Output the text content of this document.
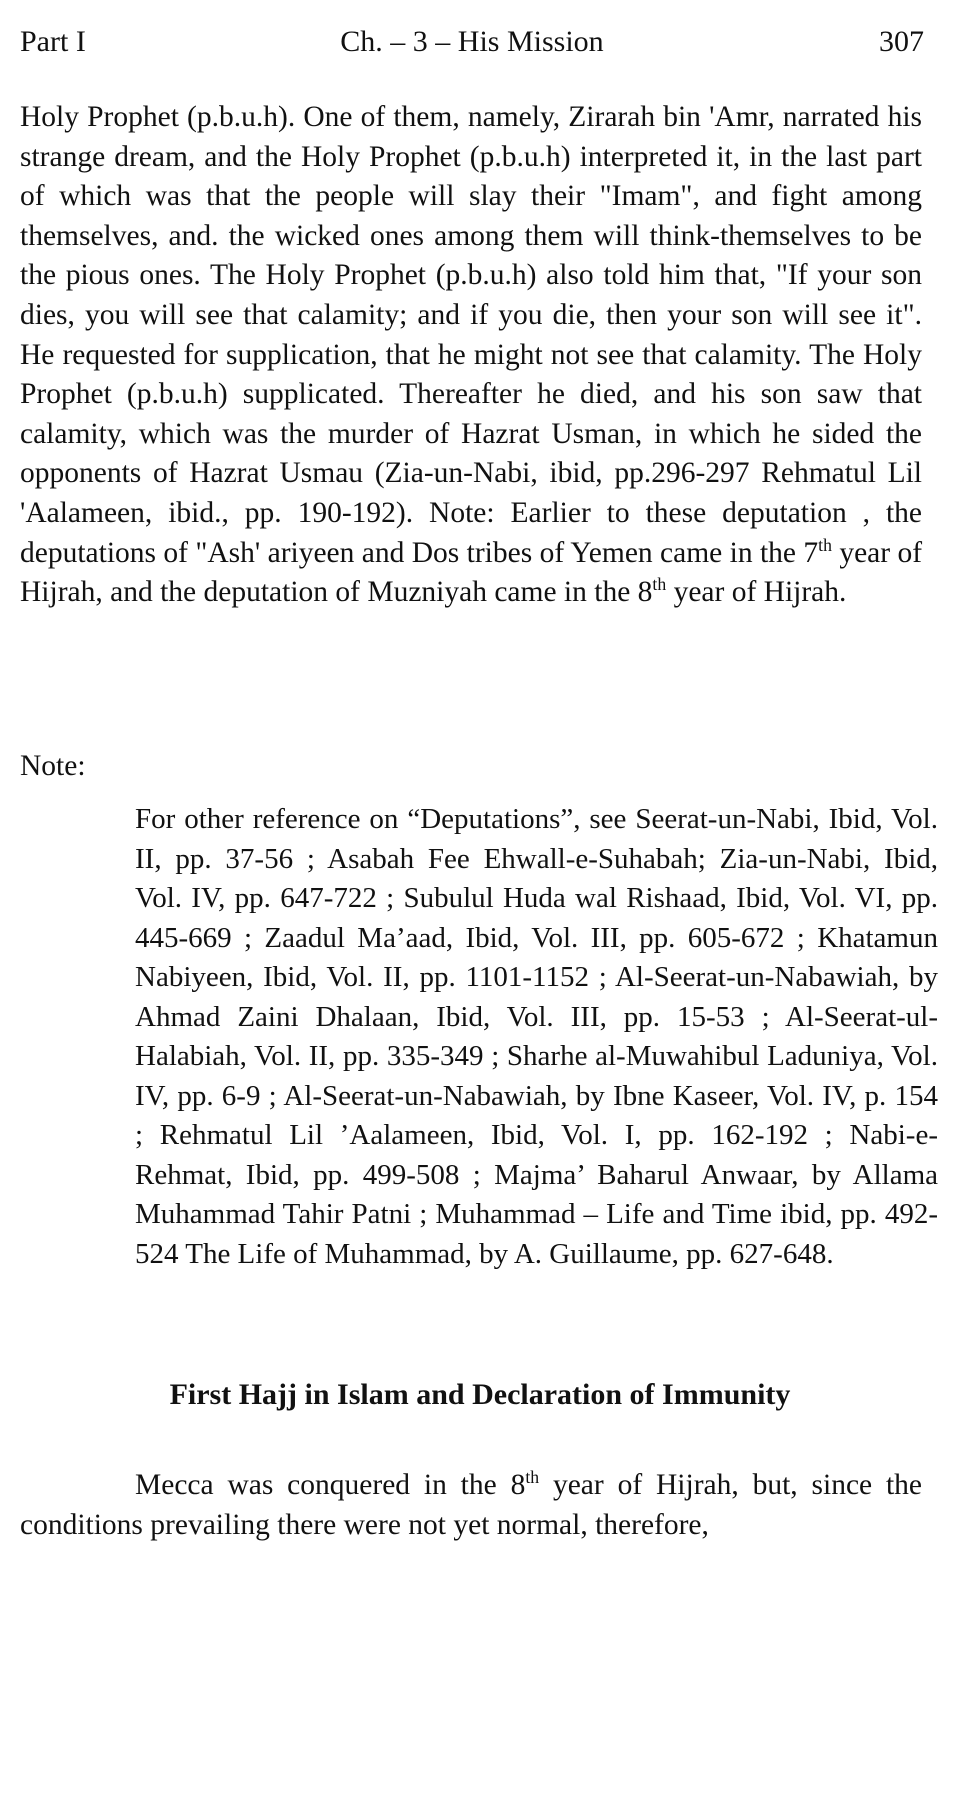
Part I	Ch. – 3 – His Mission	307

Holy Prophet (p.b.u.h). One of them, namely, Zirarah bin 'Amr, narrated his strange dream, and the Holy Prophet (p.b.u.h) interpreted it, in the last part of which was that the people will slay their "Imam", and fight among themselves, and. the wicked ones among them will think-themselves to be the pious ones. The Holy Prophet (p.b.u.h) also told him that, "If your son dies, you will see that calamity; and if you die, then your son will see it". He requested for supplication, that he might not see that calamity. The Holy Prophet (p.b.u.h) supplicated. Thereafter he died, and his son saw that calamity, which was the murder of Hazrat Usman, in which he sided the opponents of Hazrat Usmau (Zia-un-Nabi, ibid, pp.296-297 Rehmatul Lil 'Aalameen, ibid., pp. 190-192). Note: Earlier to these deputation , the deputations of "Ash' ariyeen and Dos tribes of Yemen came in the 7th year of Hijrah, and the deputation of Muzniyah came in the 8th year of Hijrah.

Note:

For other reference on “Deputations”, see Seerat-un-Nabi, Ibid, Vol. II, pp. 37-56 ; Asabah Fee Ehwall-e-Suhabah; Zia-un-Nabi, Ibid, Vol. IV, pp. 647-722 ; Subulul Huda wal Rishaad, Ibid, Vol. VI, pp. 445-669 ; Zaadul Ma’aad, Ibid, Vol. III, pp. 605-672 ; Khatamun Nabiyeen, Ibid, Vol. II, pp. 1101-1152 ; Al-Seerat-un-Nabawiah, by Ahmad Zaini Dhalaan, Ibid, Vol. III, pp. 15-53 ; Al-Seerat-ul-Halabiah, Vol. II, pp. 335-349 ; Sharhe al-Muwahibul Laduniya, Vol. IV, pp. 6-9 ; Al-Seerat-un-Nabawiah, by Ibne Kaseer, Vol. IV, p. 154 ; Rehmatul Lil ’Aalameen, Ibid, Vol. I, pp. 162-192 ; Nabi-e-Rehmat, Ibid, pp. 499-508 ; Majma’ Baharul Anwaar, by Allama Muhammad Tahir Patni ; Muhammad – Life and Time ibid, pp. 492-524 The Life of Muhammad, by A. Guillaume, pp. 627-648.

First Hajj in Islam and Declaration of Immunity

Mecca was conquered in the 8th year of Hijrah, but, since the conditions prevailing there were not yet normal, therefore,
